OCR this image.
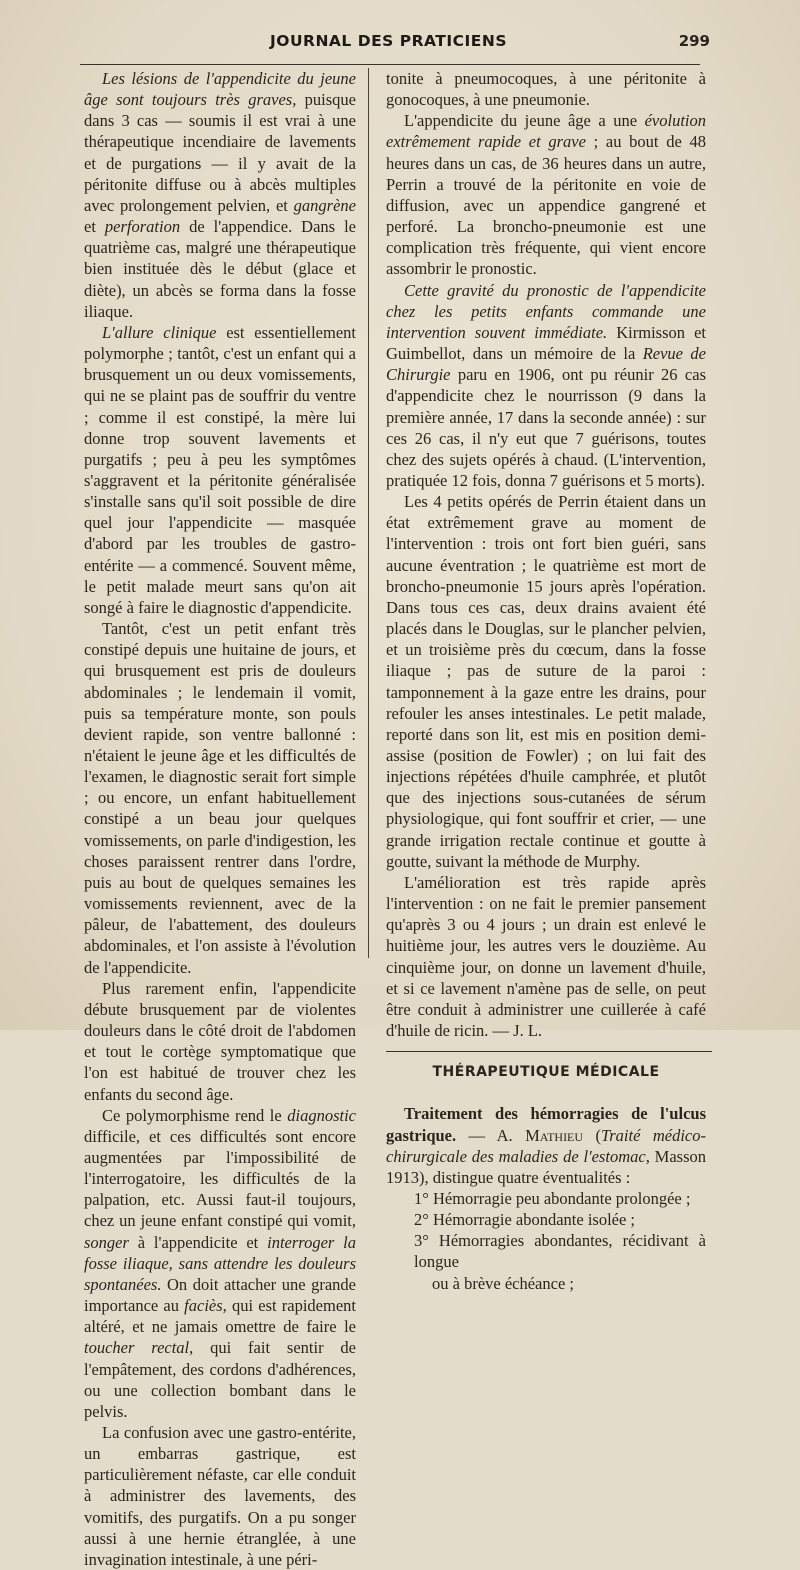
JOURNAL DES PRATICIENS	299

Les lésions de l'appendicite du jeune âge sont toujours très graves, puisque dans 3 cas — soumis il est vrai à une thérapeutique incendiaire de lavements et de purgations — il y avait de la péritonite diffuse ou à abcès multiples avec prolongement pelvien, et gangrène et perforation de l'appendice. Dans le quatrième cas, malgré une thérapeutique bien instituée dès le début (glace et diète), un abcès se forma dans la fosse iliaque.

L'allure clinique est essentiellement polymorphe ; tantôt, c'est un enfant qui a brusquement un ou deux vomissements, qui ne se plaint pas de souffrir du ventre ; comme il est constipé, la mère lui donne trop souvent lavements et purgatifs ; peu à peu les symptômes s'aggravent et la péritonite généralisée s'installe sans qu'il soit possible de dire quel jour l'appendicite — masquée d'abord par les troubles de gastro-entérite — a commencé. Souvent même, le petit malade meurt sans qu'on ait songé à faire le diagnostic d'appendicite.

Tantôt, c'est un petit enfant très constipé depuis une huitaine de jours, et qui brusquement est pris de douleurs abdominales ; le lendemain il vomit, puis sa température monte, son pouls devient rapide, son ventre ballonné : n'étaient le jeune âge et les difficultés de l'examen, le diagnostic serait fort simple ; ou encore, un enfant habituellement constipé a un beau jour quelques vomissements, on parle d'indigestion, les choses paraissent rentrer dans l'ordre, puis au bout de quelques semaines les vomissements reviennent, avec de la pâleur, de l'abattement, des douleurs abdominales, et l'on assiste à l'évolution de l'appendicite.

Plus rarement enfin, l'appendicite débute brusquement par de violentes douleurs dans le côté droit de l'abdomen et tout le cortège symptomatique que l'on est habitué de trouver chez les enfants du second âge.

Ce polymorphisme rend le diagnostic difficile, et ces difficultés sont encore augmentées par l'impossibilité de l'interrogatoire, les difficultés de la palpation, etc. Aussi faut-il toujours, chez un jeune enfant constipé qui vomit, songer à l'appendicite et interroger la fosse iliaque, sans attendre les douleurs spontanées. On doit attacher une grande importance au faciès, qui est rapidement altéré, et ne jamais omettre de faire le toucher rectal, qui fait sentir de l'empâtement, des cordons d'adhérences, ou une collection bombant dans le pelvis.

La confusion avec une gastro-entérite, un embarras gastrique, est particulièrement néfaste, car elle conduit à administrer des lavements, des vomitifs, des purgatifs. On a pu songer aussi à une hernie étranglée, à une invagination intestinale, à une péri-

tonite à pneumocoques, à une péritonite à gonocoques, à une pneumonie.

L'appendicite du jeune âge a une évolution extrêmement rapide et grave ; au bout de 48 heures dans un cas, de 36 heures dans un autre, Perrin a trouvé de la péritonite en voie de diffusion, avec un appendice gangrené et perforé. La broncho-pneumonie est une complication très fréquente, qui vient encore assombrir le pronostic.

Cette gravité du pronostic de l'appendicite chez les petits enfants commande une intervention souvent immédiate. Kirmisson et Guimbellot, dans un mémoire de la Revue de Chirurgie paru en 1906, ont pu réunir 26 cas d'appendicite chez le nourrisson (9 dans la première année, 17 dans la seconde année) : sur ces 26 cas, il n'y eut que 7 guérisons, toutes chez des sujets opérés à chaud. (L'intervention, pratiquée 12 fois, donna 7 guérisons et 5 morts).

Les 4 petits opérés de Perrin étaient dans un état extrêmement grave au moment de l'intervention : trois ont fort bien guéri, sans aucune éventration ; le quatrième est mort de broncho-pneumonie 15 jours après l'opération. Dans tous ces cas, deux drains avaient été placés dans le Douglas, sur le plancher pelvien, et un troisième près du cœcum, dans la fosse iliaque ; pas de suture de la paroi : tamponnement à la gaze entre les drains, pour refouler les anses intestinales. Le petit malade, reporté dans son lit, est mis en position demi-assise (position de Fowler) ; on lui fait des injections répétées d'huile camphrée, et plutôt que des injections sous-cutanées de sérum physiologique, qui font souffrir et crier, — une grande irrigation rectale continue et goutte à goutte, suivant la méthode de Murphy.

L'amélioration est très rapide après l'intervention : on ne fait le premier pansement qu'après 3 ou 4 jours ; un drain est enlevé le huitième jour, les autres vers le douzième. Au cinquième jour, on donne un lavement d'huile, et si ce lavement n'amène pas de selle, on peut être conduit à administrer une cuillerée à café d'huile de ricin. — J. L.

THÉRAPEUTIQUE MÉDICALE

Traitement des hémorragies de l'ulcus gastrique. — A. Mathieu (Traité médico-chirurgicale des maladies de l'estomac, Masson 1913), distingue quatre éventualités :

1° Hémorragie peu abondante prolongée ;

2° Hémorragie abondante isolée ;

3° Hémorragies abondantes, récidivant à longue

ou à brève échéance ;
